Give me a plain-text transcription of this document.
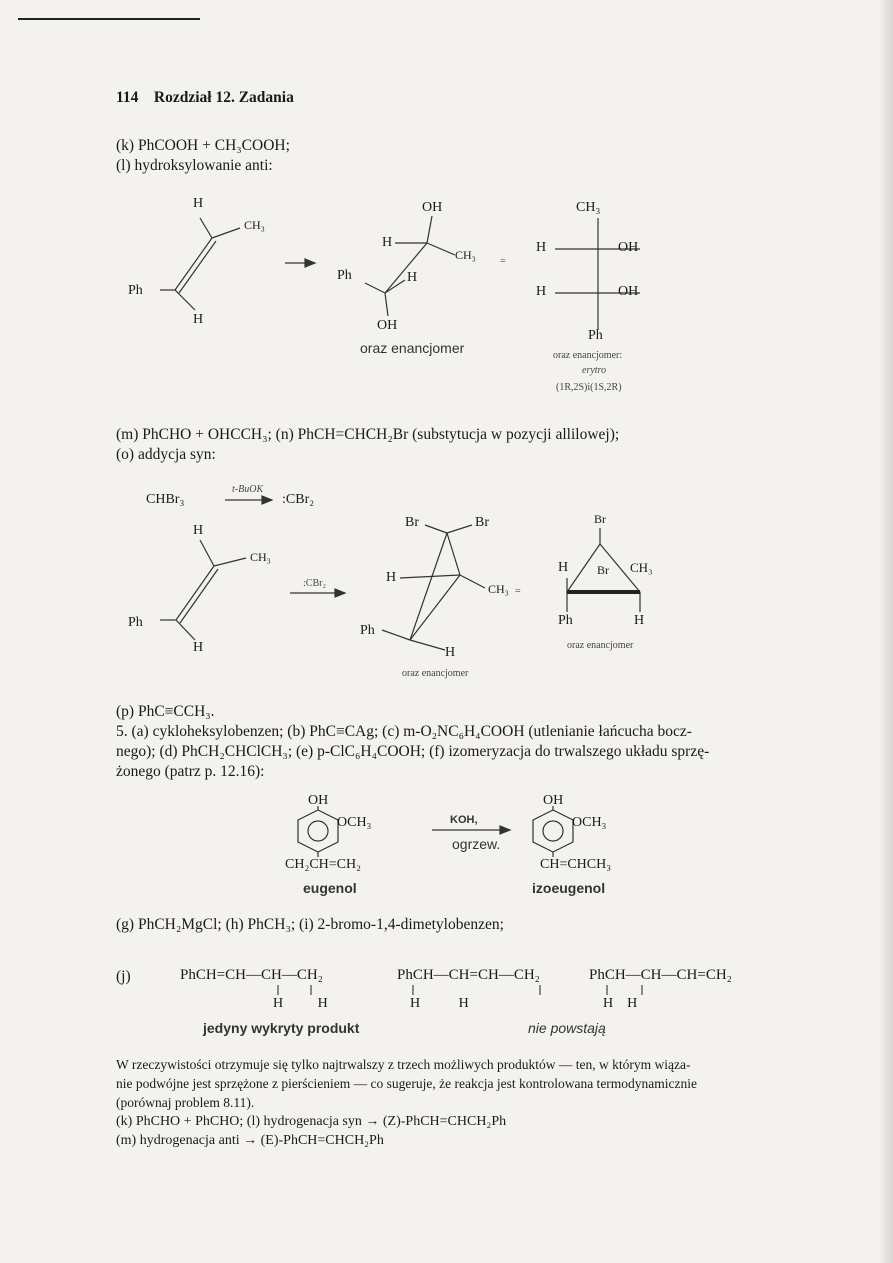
114 Rozdział 12. Zadania
(k) PhCOOH + CH₃COOH;
(l) hydroksylowanie anti:
H
CH₃
Ph
H
OH
H
CH₃
Ph	H
OH
oraz enancjomer
=
CH₃
H	OH
H	OH
Ph
oraz enancjomer:
erytro
(1R,2S)i(1S,2R)
(m) PhCHO + OHCCH₃; (n) PhCH=CHCH₂Br (substytucja w pozycji allilowej);
(o) addycja syn:
CHBr₃
t-BuOK
:CBr₂
H
CH₃
Ph
H
:CBr₂
Br	Br
H
CH₃
Ph
H
oraz enancjomer
=
Br
H Br CH₃
Ph	H
oraz enancjomer
(p) PhC≡CCH₃.
5. (a) cykloheksylobenzen; (b) PhC≡CAg; (c) m-O₂NC₆H₄COOH (utlenianie łańcucha bocz-
nego); (d) PhCH₂CHClCH₃; (e) p-ClC₆H₄COOH; (f) izomeryzacja do trwalszego układu sprzę-
żonego (patrz p. 12.16):
OH
OCH₃
CH₂CH=CH₂
eugenol
KOH,
ogrzew.
OH
OCH₃
CH=CHCH₃
izoeugenol
(g) PhCH₂MgCl; (h) PhCH₃; (i) 2-bromo-1,4-dimetylobenzen;
(j)	PhCH=CH—CH—CH₂
H   H
PhCH—CH=CH—CH₂
H           H
PhCH—CH—CH=CH₂
H    H
jedyny wykryty produkt	nie powstają
W rzeczywistości otrzymuje się tylko najtrwalszy z trzech możliwych produktów — ten, w którym wiąza-
nie podwójne jest sprzężone z pierścieniem — co sugeruje, że reakcja jest kontrolowana termodynamicznie
(porównaj problem 8.11).
(k) PhCHO + PhCHO; (l) hydrogenacja syn → (Z)-PhCH=CHCH₂Ph
(m) hydrogenacja anti → (E)-PhCH=CHCH₂Ph
